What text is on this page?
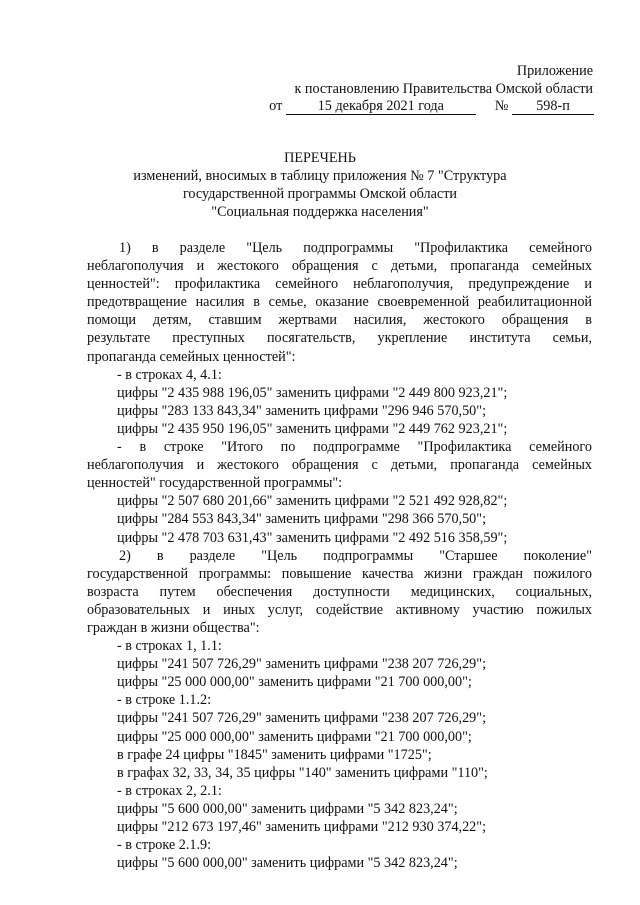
Приложение
к постановлению Правительства Омской области
от 15 декабря 2021 года	№ 598-п
ПЕРЕЧЕНЬ
изменений, вносимых в таблицу приложения № 7 "Структура
государственной программы Омской области
"Социальная поддержка населения"
1) в разделе "Цель подпрограммы "Профилактика семейного
неблагополучия и жестокого обращения с детьми, пропаганда семейных
ценностей": профилактика семейного неблагополучия, предупреждение и
предотвращение насилия в семье, оказание своевременной реабилитационной
помощи детям, ставшим жертвами насилия, жестокого обращения в
результате преступных посягательств, укрепление института семьи,
пропаганда семейных ценностей":
- в строках 4, 4.1:
цифры "2 435 988 196,05" заменить цифрами "2 449 800 923,21";
цифры "283 133 843,34" заменить цифрами "296 946 570,50";
цифры "2 435 950 196,05" заменить цифрами "2 449 762 923,21";
- в строке "Итого по подпрограмме "Профилактика семейного
неблагополучия и жестокого обращения с детьми, пропаганда семейных
ценностей" государственной программы":
цифры "2 507 680 201,66" заменить цифрами "2 521 492 928,82";
цифры "284 553 843,34" заменить цифрами "298 366 570,50";
цифры "2 478 703 631,43" заменить цифрами "2 492 516 358,59";
2) в разделе "Цель подпрограммы "Старшее поколение"
государственной программы: повышение качества жизни граждан пожилого
возраста путем обеспечения доступности медицинских, социальных,
образовательных и иных услуг, содействие активному участию пожилых
граждан в жизни общества":
- в строках 1, 1.1:
цифры "241 507 726,29" заменить цифрами "238 207 726,29";
цифры "25 000 000,00" заменить цифрами "21 700 000,00";
- в строке 1.1.2:
цифры "241 507 726,29" заменить цифрами "238 207 726,29";
цифры "25 000 000,00" заменить цифрами "21 700 000,00";
в графе 24 цифры "1845" заменить цифрами "1725";
в графах 32, 33, 34, 35 цифры "140" заменить цифрами "110";
- в строках 2, 2.1:
цифры "5 600 000,00" заменить цифрами "5 342 823,24";
цифры "212 673 197,46" заменить цифрами "212 930 374,22";
- в строке 2.1.9:
цифры "5 600 000,00" заменить цифрами "5 342 823,24";
